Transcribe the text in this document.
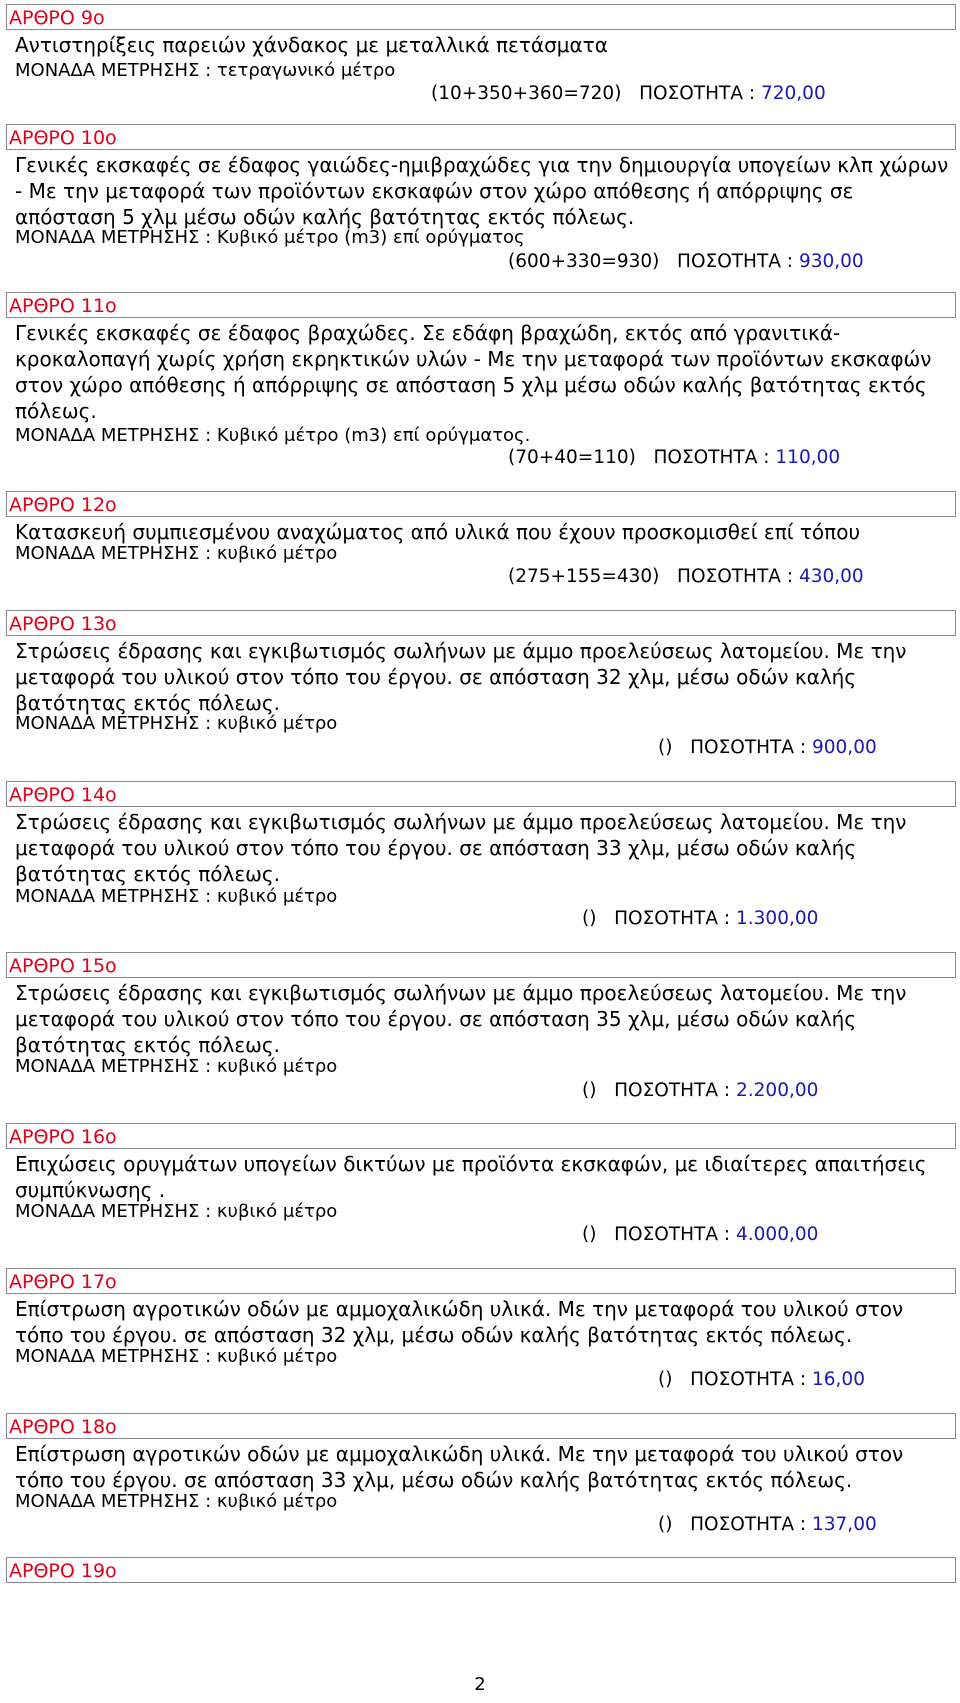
ΑΡΘΡΟ 9ο

Αντιστηρίξεις παρειών χάνδακος με μεταλλικά πετάσματα

ΜΟΝΑΔΑ ΜΕΤΡΗΣΗΣ : τετραγωνικό μέτρο
(10+350+360=720) ΠΟΣΟΤΗΤΑ : 720,00
ΑΡΘΡΟ 10ο

Γενικές εκσκαφές σε έδαφος γαιώδες-ημιβραχώδες για την δημιουργία υπογείων κλπ χώρων - Με την μεταφορά των προϊόντων εκσκαφών στον χώρο απόθεσης ή απόρριψης σε απόσταση 5 χλμ μέσω οδών καλής βατότητας εκτός πόλεως.

ΜΟΝΑΔΑ ΜΕΤΡΗΣΗΣ : Κυβικό μέτρο (m3) επί ορύγματος
(600+330=930) ΠΟΣΟΤΗΤΑ : 930,00
ΑΡΘΡΟ 11ο

Γενικές εκσκαφές σε έδαφος βραχώδες. Σε εδάφη βραχώδη, εκτός από γρανιτικά-κροκαλοπαγή χωρίς χρήση εκρηκτικών υλών - Με την μεταφορά των προϊόντων εκσκαφών στον χώρο απόθεσης ή απόρριψης σε απόσταση 5 χλμ μέσω οδών καλής βατότητας εκτός πόλεως.

ΜΟΝΑΔΑ ΜΕΤΡΗΣΗΣ : Κυβικό μέτρο (m3) επί ορύγματος.
(70+40=110) ΠΟΣΟΤΗΤΑ : 110,00
ΑΡΘΡΟ 12ο

Κατασκευή συμπιεσμένου αναχώματος από υλικά που έχουν προσκομισθεί επί τόπου

ΜΟΝΑΔΑ ΜΕΤΡΗΣΗΣ : κυβικό μέτρο
(275+155=430) ΠΟΣΟΤΗΤΑ : 430,00
ΑΡΘΡΟ 13ο

Στρώσεις έδρασης και εγκιβωτισμός σωλήνων με άμμο προελεύσεως λατομείου. Με την μεταφορά του υλικού στον τόπο του έργου. σε απόσταση 32 χλμ, μέσω οδών καλής βατότητας εκτός πόλεως.

ΜΟΝΑΔΑ ΜΕΤΡΗΣΗΣ : κυβικό μέτρο
() ΠΟΣΟΤΗΤΑ : 900,00
ΑΡΘΡΟ 14ο

Στρώσεις έδρασης και εγκιβωτισμός σωλήνων με άμμο προελεύσεως λατομείου. Με την μεταφορά του υλικού στον τόπο του έργου. σε απόσταση 33 χλμ, μέσω οδών καλής βατότητας εκτός πόλεως.

ΜΟΝΑΔΑ ΜΕΤΡΗΣΗΣ : κυβικό μέτρο
() ΠΟΣΟΤΗΤΑ : 1.300,00
ΑΡΘΡΟ 15ο

Στρώσεις έδρασης και εγκιβωτισμός σωλήνων με άμμο προελεύσεως λατομείου. Με την μεταφορά του υλικού στον τόπο του έργου. σε απόσταση 35 χλμ, μέσω οδών καλής βατότητας εκτός πόλεως.

ΜΟΝΑΔΑ ΜΕΤΡΗΣΗΣ : κυβικό μέτρο
() ΠΟΣΟΤΗΤΑ : 2.200,00
ΑΡΘΡΟ 16ο

Επιχώσεις ορυγμάτων υπογείων δικτύων με προϊόντα εκσκαφών, με ιδιαίτερες απαιτήσεις συμπύκνωσης .

ΜΟΝΑΔΑ ΜΕΤΡΗΣΗΣ : κυβικό μέτρο
() ΠΟΣΟΤΗΤΑ : 4.000,00
ΑΡΘΡΟ 17ο

Επίστρωση αγροτικών οδών με αμμοχαλικώδη υλικά. Με την μεταφορά του υλικού στον τόπο του έργου. σε απόσταση 32 χλμ, μέσω οδών καλής βατότητας εκτός πόλεως.

ΜΟΝΑΔΑ ΜΕΤΡΗΣΗΣ : κυβικό μέτρο
() ΠΟΣΟΤΗΤΑ : 16,00
ΑΡΘΡΟ 18ο

Επίστρωση αγροτικών οδών με αμμοχαλικώδη υλικά. Με την μεταφορά του υλικού στον τόπο του έργου. σε απόσταση 33 χλμ, μέσω οδών καλής βατότητας εκτός πόλεως.

ΜΟΝΑΔΑ ΜΕΤΡΗΣΗΣ : κυβικό μέτρο
() ΠΟΣΟΤΗΤΑ : 137,00
ΑΡΘΡΟ 19ο
2
